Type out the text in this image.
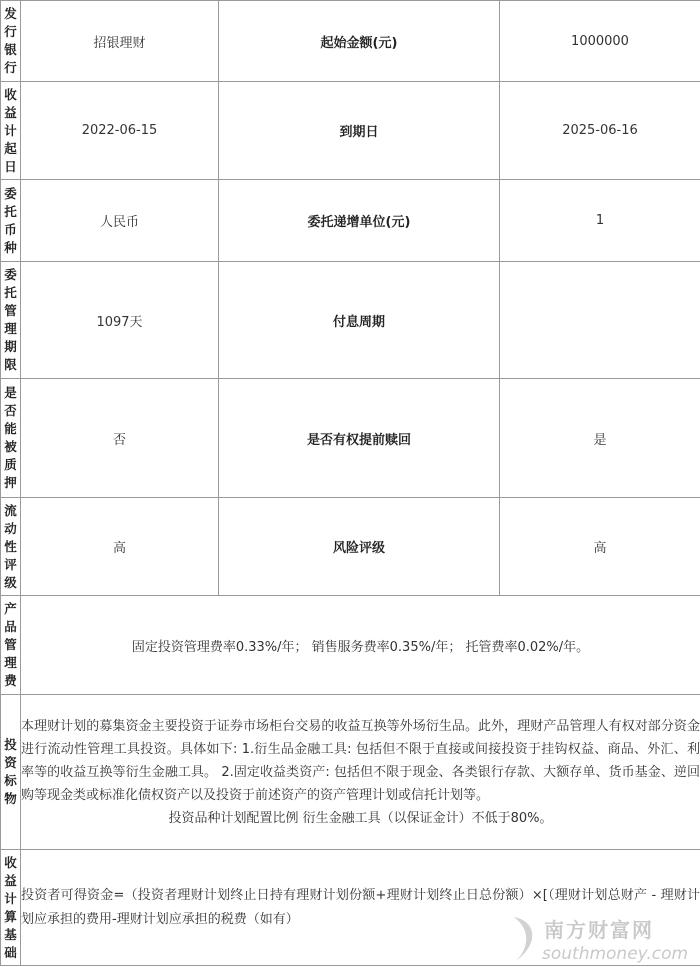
发行银行	招银理财	起始金额(元)	1000000
收益计起日	2022-06-15	到期日	2025-06-16
委托币种	人民币	委托递增单位(元)	1
委托管理期限	1097天	付息周期	
是否能被质押	否	是否有权提前赎回	是
流动性评级	高	风险评级	高
产品管理费	固定投资管理费率0.33%/年； 销售服务费率0.35%/年； 托管费率0.02%/年。		
投资标物	本理财计划的募集资金主要投资于证券市场柜台交易的收益互换等外场衍生品。此外，理财产品管理人有权对部分资金进行流动性管理工具投资。具体如下: 1.衍生品金融工具: 包括但不限于直接或间接投资于挂钩权益、商品、外汇、利率等的收益互换等衍生金融工具。 2.固定收益类资产: 包括但不限于现金、各类银行存款、大额存单、货币基金、逆回购等现金类或标准化债权资产以及投资于前述资产的资产管理计划或信托计划等。

投资品种计划配置比例 衍生金融工具（以保证金计）不低于80%。		

收益计算基础	投资者可得资金=（投资者理财计划终止日持有理财计划份额+理财计划终止日总份额）×[（理财计划总财产 - 理财计划应承担的费用-理财计划应承担的税费（如有）			南方财富网
southmoney.com
